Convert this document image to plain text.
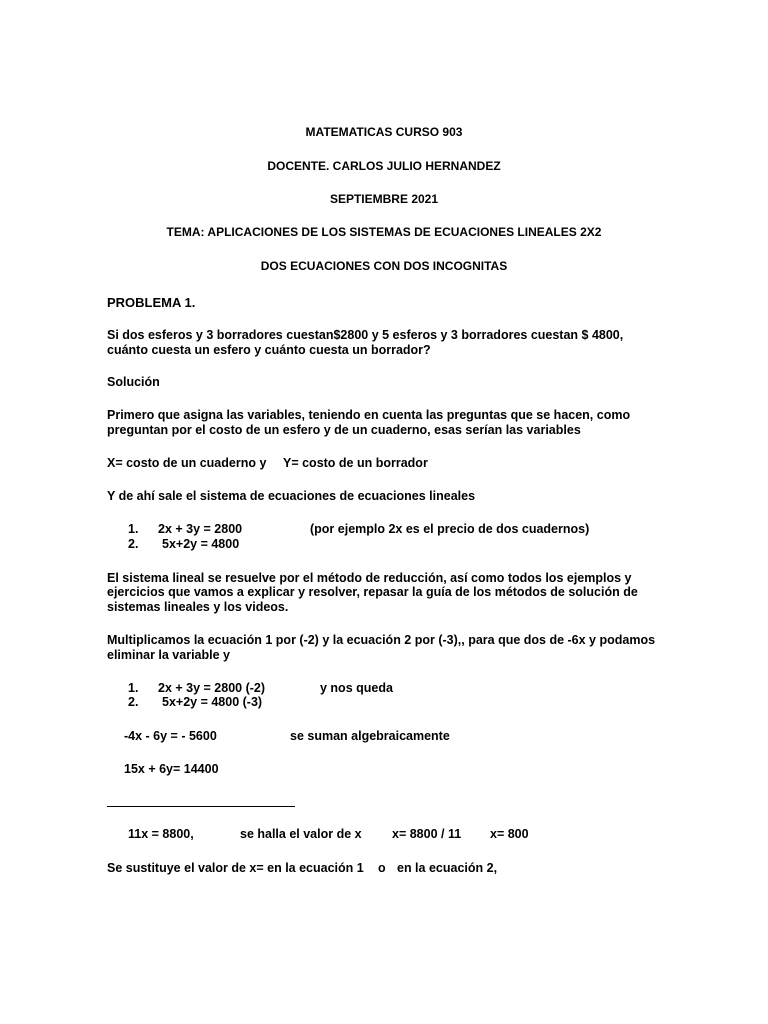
MATEMATICAS CURSO 903
DOCENTE. CARLOS JULIO HERNANDEZ
SEPTIEMBRE 2021
TEMA: APLICACIONES DE LOS SISTEMAS DE ECUACIONES LINEALES 2X2
DOS ECUACIONES CON DOS INCOGNITAS
PROBLEMA 1.
Si dos esferos y 3 borradores cuestan$2800 y 5 esferos y 3 borradores cuestan $ 4800,
cuánto cuesta un esfero y cuánto cuesta un borrador?
Solución
Primero que asigna las variables, teniendo en cuenta las preguntas que se hacen, como
preguntan por el costo de un esfero y de un cuaderno, esas serían las variables
X= costo de un cuaderno y Y= costo de un borrador
Y de ahí sale el sistema de ecuaciones de ecuaciones lineales
1. 2x + 3y = 2800	(por ejemplo 2x es el precio de dos cuadernos)
2. 5x+2y = 4800
El sistema lineal se resuelve por el método de reducción, así como todos los ejemplos y
ejercicios que vamos a explicar y resolver, repasar la guía de los métodos de solución de
sistemas lineales y los videos.
Multiplicamos la ecuación 1 por (-2) y la ecuación 2 por (-3),, para que dos de -6x y podamos
eliminar la variable y
1. 2x + 3y = 2800 (-2)	y nos queda
2. 5x+2y = 4800 (-3)
-4x - 6y = - 5600	se suman algebraicamente
15x + 6y= 14400
11x = 8800,	se halla el valor de x x= 8800 / 11 x= 800
Se sustituye el valor de x= en la ecuación 1 o en la ecuación 2,
